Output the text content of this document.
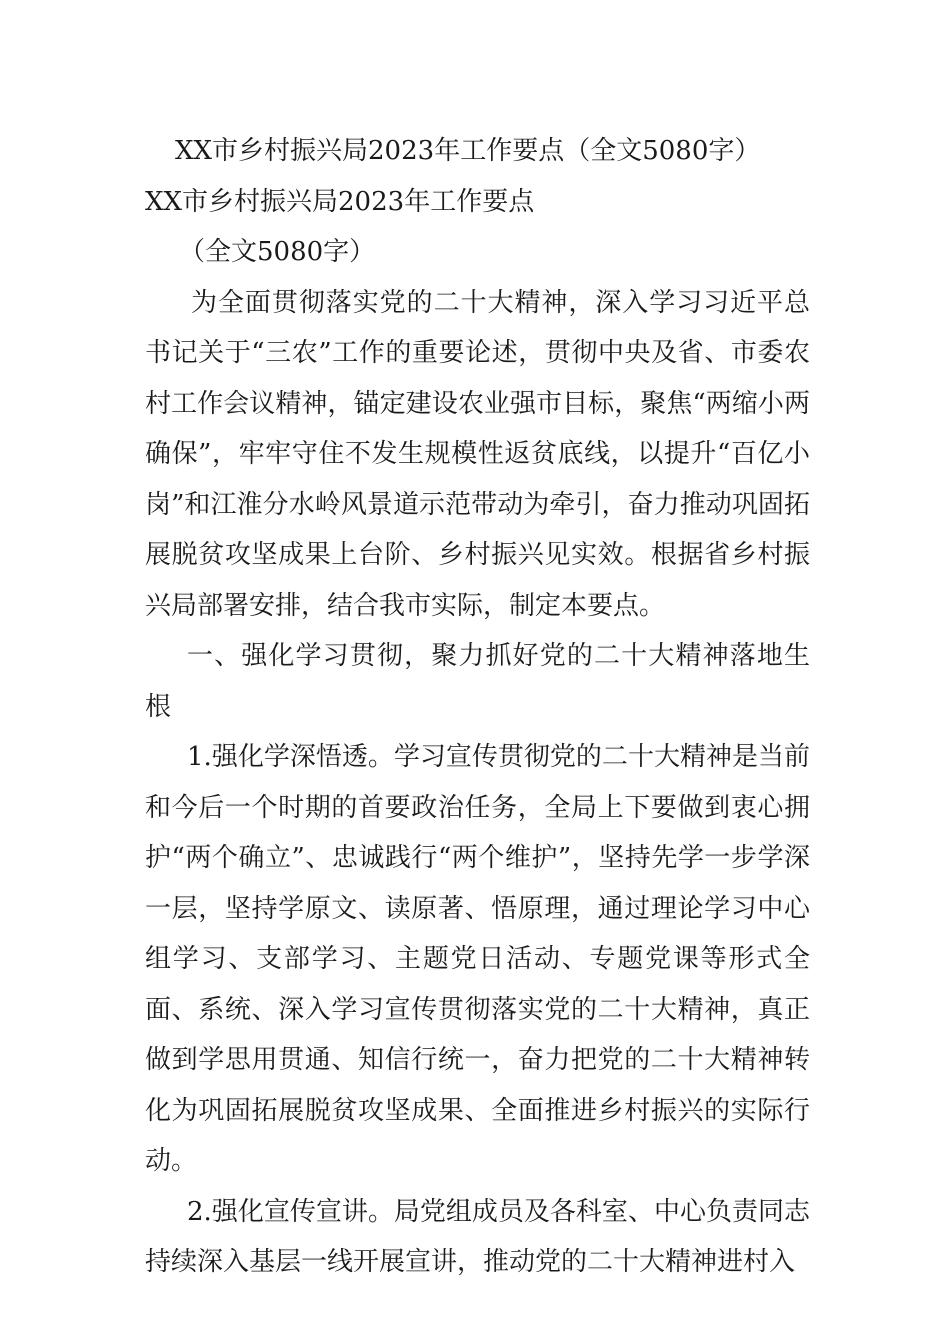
XX市乡村振兴局2023年工作要点（全文5080字）
XX市乡村振兴局2023年工作要点
（全文5080字）

为全面贯彻落实党的二十大精神，深入学习习近平总书记关于“三农”工作的重要论述，贯彻中央及省、市委农村工作会议精神，锚定建设农业强市目标，聚焦“两缩小两确保”，牢牢守住不发生规模性返贫底线，以提升“百亿小岗”和江淮分水岭风景道示范带动为牵引，奋力推动巩固拓展脱贫攻坚成果上台阶、乡村振兴见实效。根据省乡村振兴局部署安排，结合我市实际，制定本要点。

一、强化学习贯彻，聚力抓好党的二十大精神落地生根

1.强化学深悟透。学习宣传贯彻党的二十大精神是当前和今后一个时期的首要政治任务，全局上下要做到衷心拥护“两个确立”、忠诚践行“两个维护”，坚持先学一步学深一层，坚持学原文、读原著、悟原理，通过理论学习中心组学习、支部学习、主题党日活动、专题党课等形式全面、系统、深入学习宣传贯彻落实党的二十大精神，真正做到学思用贯通、知信行统一，奋力把党的二十大精神转化为巩固拓展脱贫攻坚成果、全面推进乡村振兴的实际行动。

2.强化宣传宣讲。局党组成员及各科室、中心负责同志持续深入基层一线开展宣讲，推动党的二十大精神进村入
